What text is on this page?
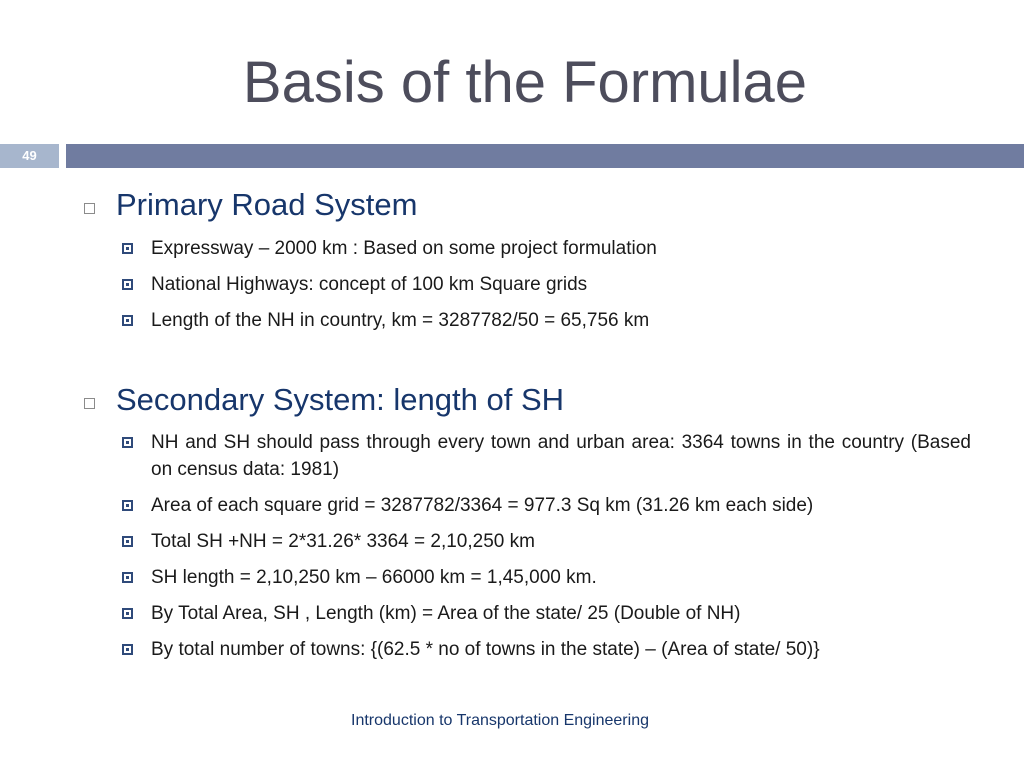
Basis of the Formulae
49
Primary Road System
Expressway – 2000 km : Based on some project formulation
National Highways: concept of 100 km Square grids
Length of the NH in country, km = 3287782/50 = 65,756 km
Secondary System: length of SH
NH and SH should pass through every town and urban area: 3364 towns in the country (Based on census data: 1981)
Area of each square grid = 3287782/3364 = 977.3 Sq km (31.26 km each side)
Total SH +NH = 2*31.26* 3364 = 2,10,250 km
SH length = 2,10,250 km – 66000 km = 1,45,000 km.
By Total Area, SH , Length (km) = Area of the state/ 25 (Double of NH)
By total number of towns: {(62.5 * no of towns in the state) – (Area of state/ 50)}
Introduction to Transportation Engineering
